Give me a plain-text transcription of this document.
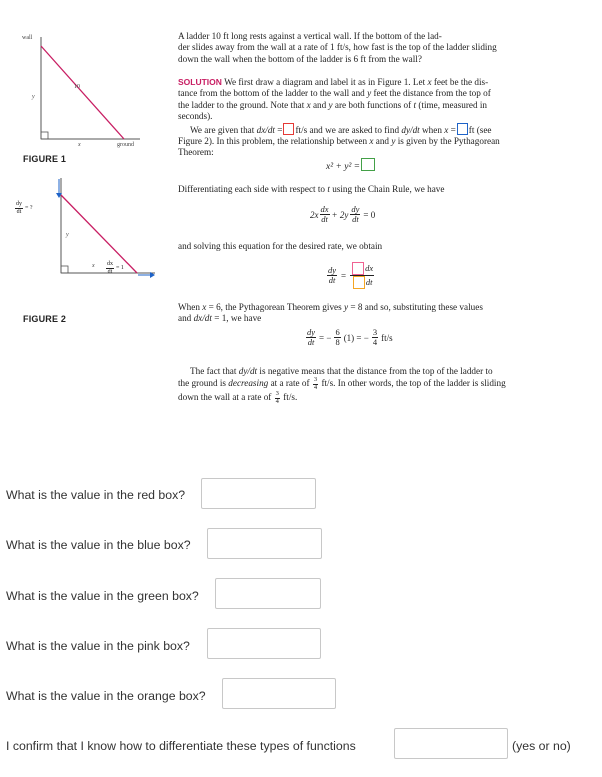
wall
10
y
x	ground
FIGURE 1
$\frac{dy}{dt}$ = ?
y
x $\frac{dx}{dt} = 1$
FIGURE 2
A ladder 10 ft long rests against a vertical wall. If the bottom of the lad-
der slides away from the wall at a rate of 1 ft/s, how fast is the top of the ladder sliding
down the wall when the bottom of the ladder is 6 ft from the wall?
SOLUTION We first draw a diagram and label it as in Figure 1. Let x feet be the dis-
tance from the bottom of the ladder to the wall and y feet the distance from the top of
the ladder to the ground. Note that x and y are both functions of t (time, measured in
seconds).
We are given that dx/dt = ft/s and we are asked to find dy/dt when x = ft (see
Figure 2). In this problem, the relationship between x and y is given by the Pythagorean
Theorem:
x² + y² =
Differentiating each side with respect to t using the Chain Rule, we have
$2x \frac{dx}{dt} + 2y \frac{dy}{dt} = 0$
and solving this equation for the desired rate, we obtain
$\frac{dy}{dt} = \frac{dx}{dt}$
When x = 6, the Pythagorean Theorem gives y = 8 and so, substituting these values
and dx/dt = 1, we have
$\frac{dy}{dt}$ = − $\frac{6}{8} (1)$ = − $\frac{3}{4} ft/s$
The fact that dy/dt is negative means that the distance from the top of the ladder to
the ground is decreasing at a rate of $\frac{3}{4} ft/s$. In other words, the top of the ladder is sliding
down the wall at a rate of $\frac{3}{4} ft/s$.
What is the value in the red box?
What is the value in the blue box?
What is the value in the green box?
What is the value in the pink box?
What is the value in the orange box?
I confirm that I know how to differentiate these types of functions	(yes or no)
